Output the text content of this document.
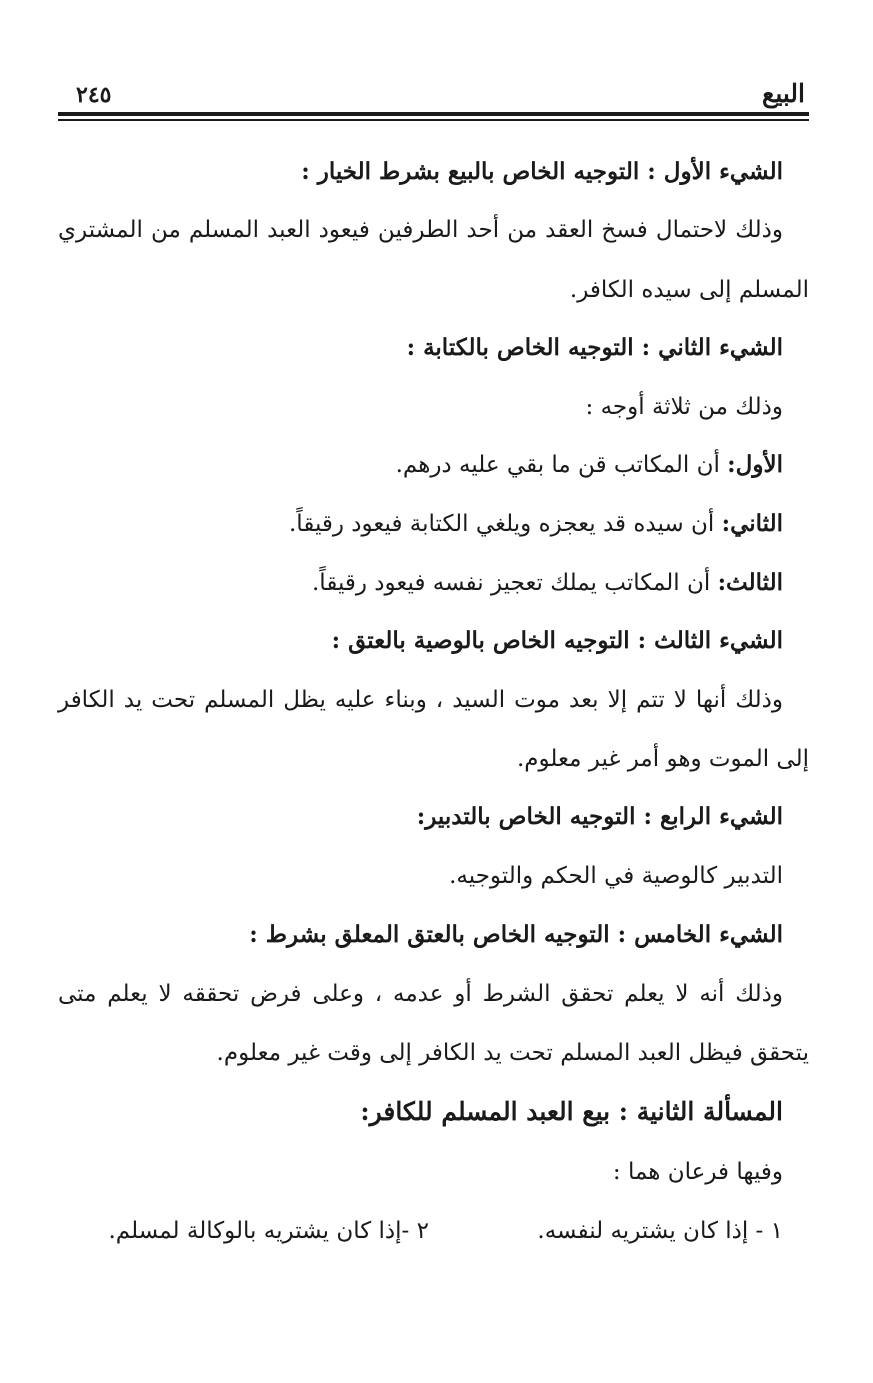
٢٤٥	البيع
الشيء الأول : التوجيه الخاص بالبيع بشرط الخيار :
وذلك لاحتمال فسخ العقد من أحد الطرفين فيعود العبد المسلم من المشتري
المسلم إلى سيده الكافر.
الشيء الثاني : التوجيه الخاص بالكتابة :
وذلك من ثلاثة أوجه :
الأول: أن المكاتب قن ما بقي عليه درهم.
الثاني: أن سيده قد يعجزه ويلغي الكتابة فيعود رقيقاً.
الثالث: أن المكاتب يملك تعجيز نفسه فيعود رقيقاً.
الشيء الثالث : التوجيه الخاص بالوصية بالعتق :
وذلك أنها لا تتم إلا بعد موت السيد ، وبناء عليه يظل المسلم تحت يد الكافر
إلى الموت وهو أمر غير معلوم.
الشيء الرابع : التوجيه الخاص بالتدبير:
التدبير كالوصية في الحكم والتوجيه.
الشيء الخامس : التوجيه الخاص بالعتق المعلق بشرط :
وذلك أنه لا يعلم تحقق الشرط أو عدمه ، وعلى فرض تحققه لا يعلم متى
يتحقق فيظل العبد المسلم تحت يد الكافر إلى وقت غير معلوم.
المسألة الثانية : بيع العبد المسلم للكافر:
وفيها فرعان هما :
١ - إذا كان يشتريه لنفسه.
٢ -إذا كان يشتريه بالوكالة لمسلم.
